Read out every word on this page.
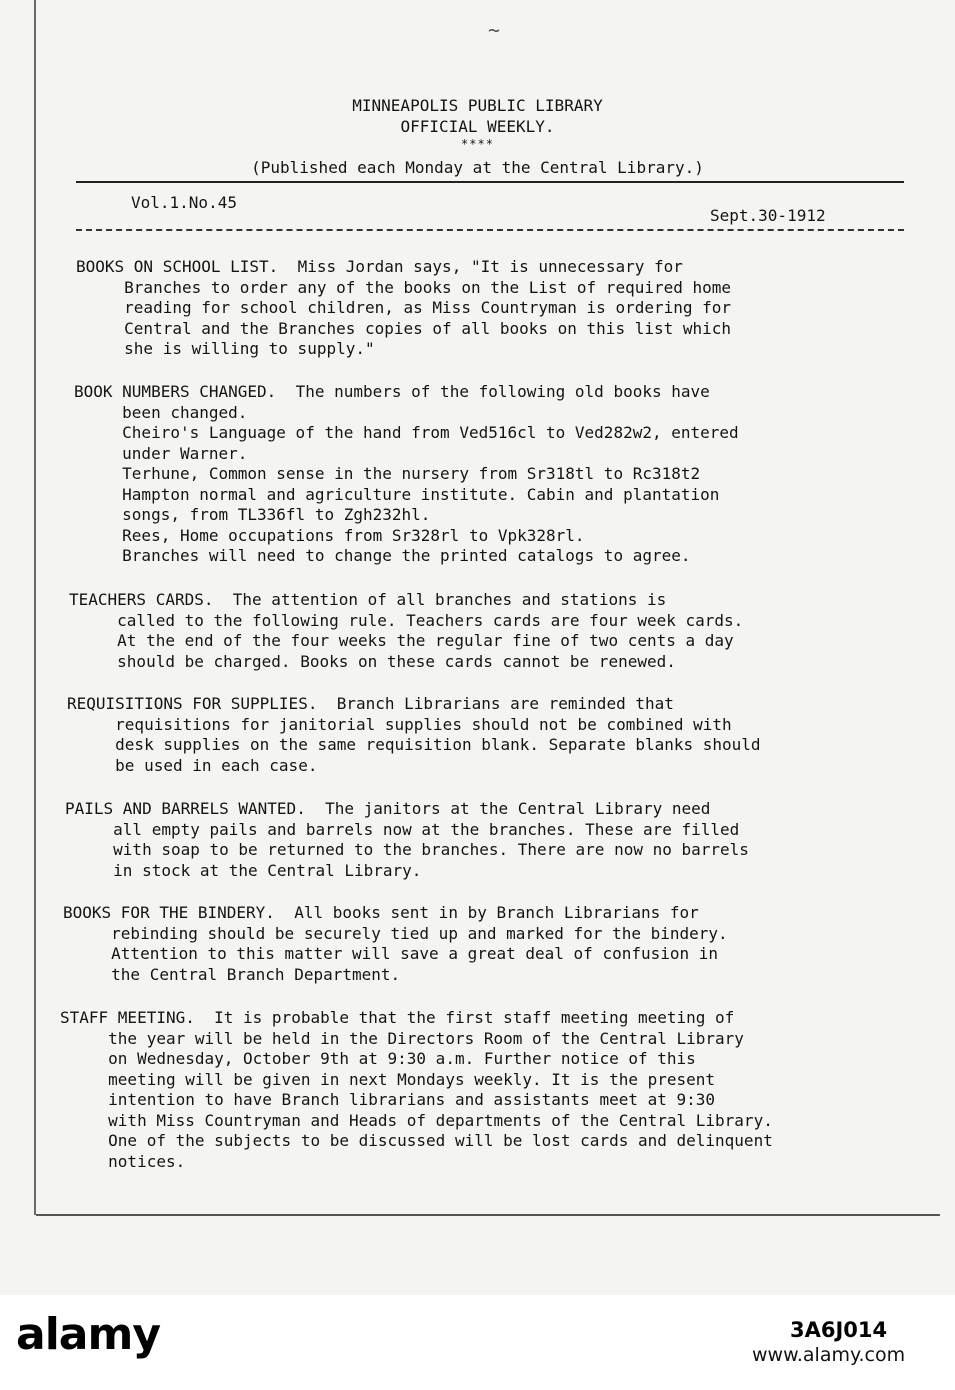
~
MINNEAPOLIS PUBLIC LIBRARY
OFFICIAL WEEKLY.
****
(Published each Monday at the Central Library.)
Vol.1.No.45
Sept.30-1912
BOOKS ON SCHOOL LIST.  Miss Jordan says, "It is unnecessary for
Branches to order any of the books on the List of required home
reading for school children, as Miss Countryman is ordering for
Central and the Branches copies of all books on this list which
she is willing to supply."
BOOK NUMBERS CHANGED.  The numbers of the following old books have
been changed.
Cheiro's Language of the hand from Ved516cl to Ved282w2, entered
under Warner.
Terhune, Common sense in the nursery from Sr318tl to Rc318t2
Hampton normal and agriculture institute. Cabin and plantation
songs, from TL336fl to Zgh232hl.
Rees, Home occupations from Sr328rl to Vpk328rl.
Branches will need to change the printed catalogs to agree.
TEACHERS CARDS.  The attention of all branches and stations is
called to the following rule. Teachers cards are four week cards.
At the end of the four weeks the regular fine of two cents a day
should be charged. Books on these cards cannot be renewed.
REQUISITIONS FOR SUPPLIES.  Branch Librarians are reminded that
requisitions for janitorial supplies should not be combined with
desk supplies on the same requisition blank. Separate blanks should
be used in each case.
PAILS AND BARRELS WANTED.  The janitors at the Central Library need
all empty pails and barrels now at the branches. These are filled
with soap to be returned to the branches. There are now no barrels
in stock at the Central Library.
BOOKS FOR THE BINDERY.  All books sent in by Branch Librarians for
rebinding should be securely tied up and marked for the bindery.
Attention to this matter will save a great deal of confusion in
the Central Branch Department.
STAFF MEETING.  It is probable that the first staff meeting meeting of
the year will be held in the Directors Room of the Central Library
on Wednesday, October 9th at 9:30 a.m. Further notice of this
meeting will be given in next Mondays weekly. It is the present
intention to have Branch librarians and assistants meet at 9:30
with Miss Countryman and Heads of departments of the Central Library.
One of the subjects to be discussed will be lost cards and delinquent
notices.
alamy	3A6J014
www.alamy.com
